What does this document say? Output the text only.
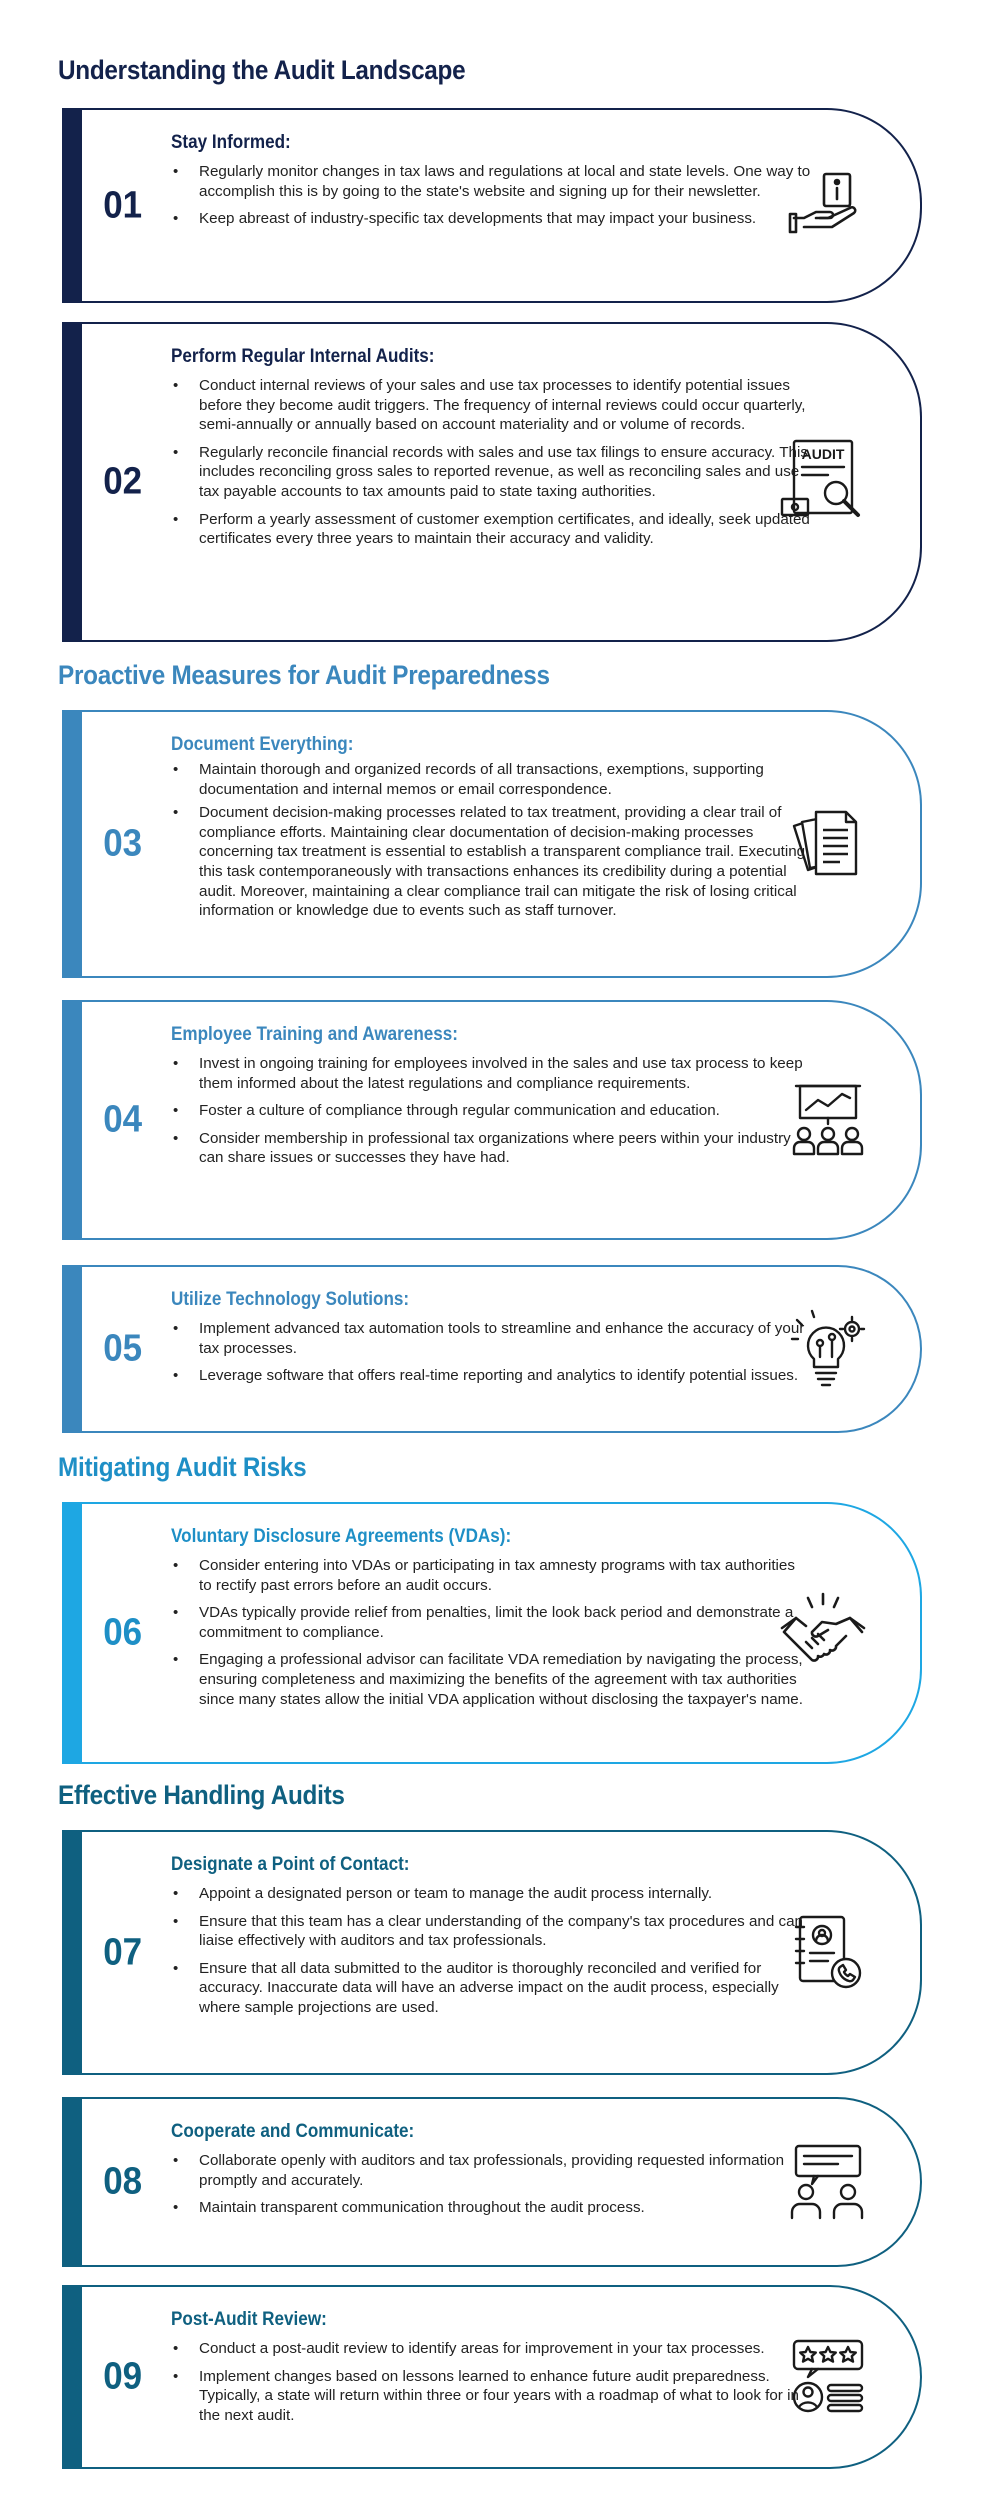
Understanding the Audit Landscape
01
Stay Informed:
• Regularly monitor changes in tax laws and regulations at local and state levels. One way to accomplish this is by going to the state's website and signing up for their newsletter.
• Keep abreast of industry-specific tax developments that may impact your business.
02
Perform Regular Internal Audits:
• Conduct internal reviews of your sales and use tax processes to identify potential issues before they become audit triggers. The frequency of internal reviews could occur quarterly, semi-annually or annually based on account materiality and or volume of records.
• Regularly reconcile financial records with sales and use tax filings to ensure accuracy. This includes reconciling gross sales to reported revenue, as well as reconciling sales and use tax payable accounts to tax amounts paid to state taxing authorities.
• Perform a yearly assessment of customer exemption certificates, and ideally, seek updated certificates every three years to maintain their accuracy and validity.
AUDIT
Proactive Measures for Audit Preparedness
03
Document Everything:
• Maintain thorough and organized records of all transactions, exemptions, supporting documentation and internal memos or email correspondence.
• Document decision-making processes related to tax treatment, providing a clear trail of compliance efforts. Maintaining clear documentation of decision-making processes concerning tax treatment is essential to establish a transparent compliance trail. Executing this task contemporaneously with transactions enhances its credibility during a potential audit. Moreover, maintaining a clear compliance trail can mitigate the risk of losing critical information or knowledge due to events such as staff turnover.
04
Employee Training and Awareness:
• Invest in ongoing training for employees involved in the sales and use tax process to keep them informed about the latest regulations and compliance requirements.
• Foster a culture of compliance through regular communication and education.
• Consider membership in professional tax organizations where peers within your industry can share issues or successes they have had.
05
Utilize Technology Solutions:
• Implement advanced tax automation tools to streamline and enhance the accuracy of your tax processes.
• Leverage software that offers real-time reporting and analytics to identify potential issues.
Mitigating Audit Risks
06
Voluntary Disclosure Agreements (VDAs):
• Consider entering into VDAs or participating in tax amnesty programs with tax authorities to rectify past errors before an audit occurs.
• VDAs typically provide relief from penalties, limit the look back period and demonstrate a commitment to compliance.
• Engaging a professional advisor can facilitate VDA remediation by navigating the process, ensuring completeness and maximizing the benefits of the agreement with tax authorities since many states allow the initial VDA application without disclosing the taxpayer's name.
Effective Handling Audits
07
Designate a Point of Contact:
• Appoint a designated person or team to manage the audit process internally.
• Ensure that this team has a clear understanding of the company's tax procedures and can liaise effectively with auditors and tax professionals.
• Ensure that all data submitted to the auditor is thoroughly reconciled and verified for accuracy. Inaccurate data will have an adverse impact on the audit process, especially where sample projections are used.
08
Cooperate and Communicate:
• Collaborate openly with auditors and tax professionals, providing requested information promptly and accurately.
• Maintain transparent communication throughout the audit process.
09
Post-Audit Review:
• Conduct a post-audit review to identify areas for improvement in your tax processes.
• Implement changes based on lessons learned to enhance future audit preparedness. Typically, a state will return within three or four years with a roadmap of what to look for in the next audit.
